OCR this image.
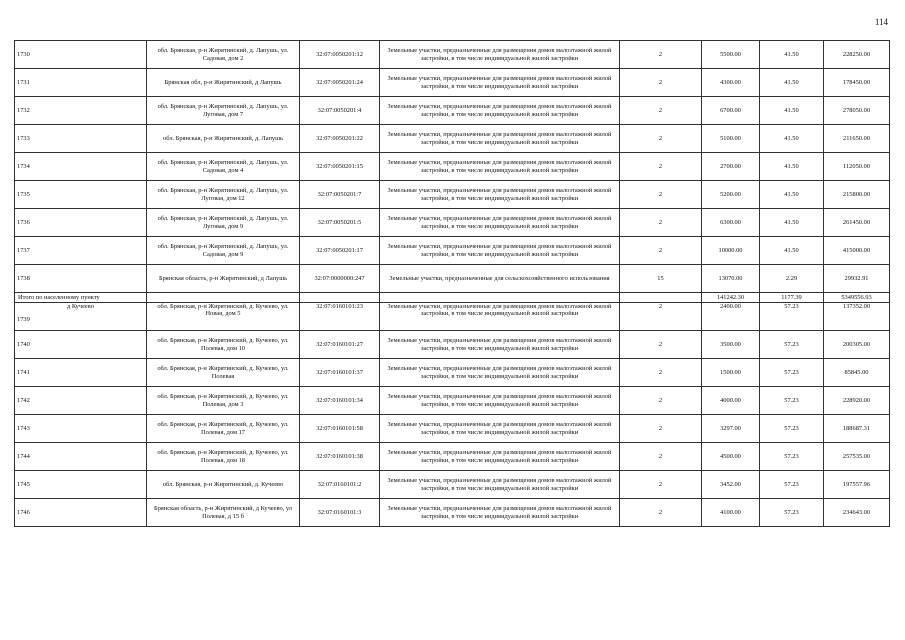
114
1730	обл. Брянская, р-н Жирятинский, д. Лапушь, ул. Садовая, дом 2	32:07:0050201:12	Земельные участки, предназначенные для размещения домов малоэтажной жилой застройки, в том числе индивидуальной жилой застройки	2	5500.00	41.50	228250.00
1731	Брянская обл, р-н Жирятинский, д Лапушь	32:07:0050201:24	Земельные участки, предназначенные для размещения домов малоэтажной жилой застройки, в том числе индивидуальной жилой застройки	2	4300.00	41.50	178450.00
1732	обл. Брянская, р-н Жирятинский, д. Лапушь, ул. Луговая, дом 7	32:07:0050201:4	Земельные участки, предназначенные для размещения домов малоэтажной жилой застройки, в том числе индивидуальной жилой застройки	2	6700.00	41.50	278050.00
1733	обл. Брянская, р-н Жирятинский, д. Лапушь	32:07:0050201:22	Земельные участки, предназначенные для размещения домов малоэтажной жилой застройки, в том числе индивидуальной жилой застройки	2	5100.00	41.50	211650.00
1734	обл. Брянская, р-н Жирятинский, д. Лапушь, ул. Садовая, дом 4	32:07:0050201:15	Земельные участки, предназначенные для размещения домов малоэтажной жилой застройки, в том числе индивидуальной жилой застройки	2	2700.00	41.50	112050.00
1735	обл. Брянская, р-н Жирятинский, д. Лапушь, ул. Луговая, дом 12	32:07:0050201:7	Земельные участки, предназначенные для размещения домов малоэтажной жилой застройки, в том числе индивидуальной жилой застройки	2	5200.00	41.50	215800.00
1736	обл. Брянская, р-н Жирятинский, д. Лапушь, ул. Луговая, дом 9	32:07:0050201:5	Земельные участки, предназначенные для размещения домов малоэтажной жилой застройки, в том числе индивидуальной жилой застройки	2	6300.00	41.50	261450.00
1737	обл. Брянская, р-н Жирятинский, д. Лапушь, ул. Садовая, дом 9	32:07:0050201:17	Земельные участки, предназначенные для размещения домов малоэтажной жилой застройки, в том числе индивидуальной жилой застройки	2	10000.00	41.50	415000.00
1738	Брянская область, р-н Жирятинский, д Лапушь	32:07:0000000:247	Земельные участки, предназначенные для сельскохозяйственного использования	15	13070.00	2.29	29932.91
Итого по населенному пункту					141242.30	1177.39	5349556.93

д Кучеево
1739	обл. Брянская, р-н Жирятинский, д. Кучеево, ул. Новая, дом 5	32:07:0160101:23	Земельные участки, предназначенные для размещения домов малоэтажной жилой застройки, в том числе индивидуальной жилой застройки	2	2400.00	57.23	137352.00
1740	обл. Брянская, р-н Жирятинский, д. Кучеево, ул. Полевая, дом 10	32:07:0160101:27	Земельные участки, предназначенные для размещения домов малоэтажной жилой застройки, в том числе индивидуальной жилой застройки	2	3500.00	57.23	200305.00
1741	обл. Брянская, р-н Жирятинский, д. Кучеево, ул. Полевая	32:07:0160101:37	Земельные участки, предназначенные для размещения домов малоэтажной жилой застройки, в том числе индивидуальной жилой застройки	2	1500.00	57.23	85845.00
1742	обл. Брянская, р-н Жирятинский, д. Кучеево, ул. Полевая, дом 3	32:07:0160101:34	Земельные участки, предназначенные для размещения домов малоэтажной жилой застройки, в том числе индивидуальной жилой застройки	2	4000.00	57.23	228920.00
1743	обл. Брянская, р-н Жирятинский, д. Кучеево, ул. Полевая, дом 17	32:07:0160101:58	Земельные участки, предназначенные для размещения домов малоэтажной жилой застройки, в том числе индивидуальной жилой застройки	2	3297.00	57.23	188687.31
1744	обл. Брянская, р-н Жирятинский, д. Кучеево, ул. Полевая, дом 18	32:07:0160101:38	Земельные участки, предназначенные для размещения домов малоэтажной жилой застройки, в том числе индивидуальной жилой застройки	2	4500.00	57.23	257535.00
1745	обл. Брянская, р-н Жирятинский, д. Кучеево	32:07:0160101:2	Земельные участки, предназначенные для размещения домов малоэтажной жилой застройки, в том числе индивидуальной жилой застройки	2	3452.00	57.23	197557.96
1746	Брянская область, р-н Жирятинский, д Кучеево, ул Полевая, д 15 б	32:07:0160101:3	Земельные участки, предназначенные для размещения домов малоэтажной жилой застройки, в том числе индивидуальной жилой застройки	2	4100.00	57.23	234643.00
